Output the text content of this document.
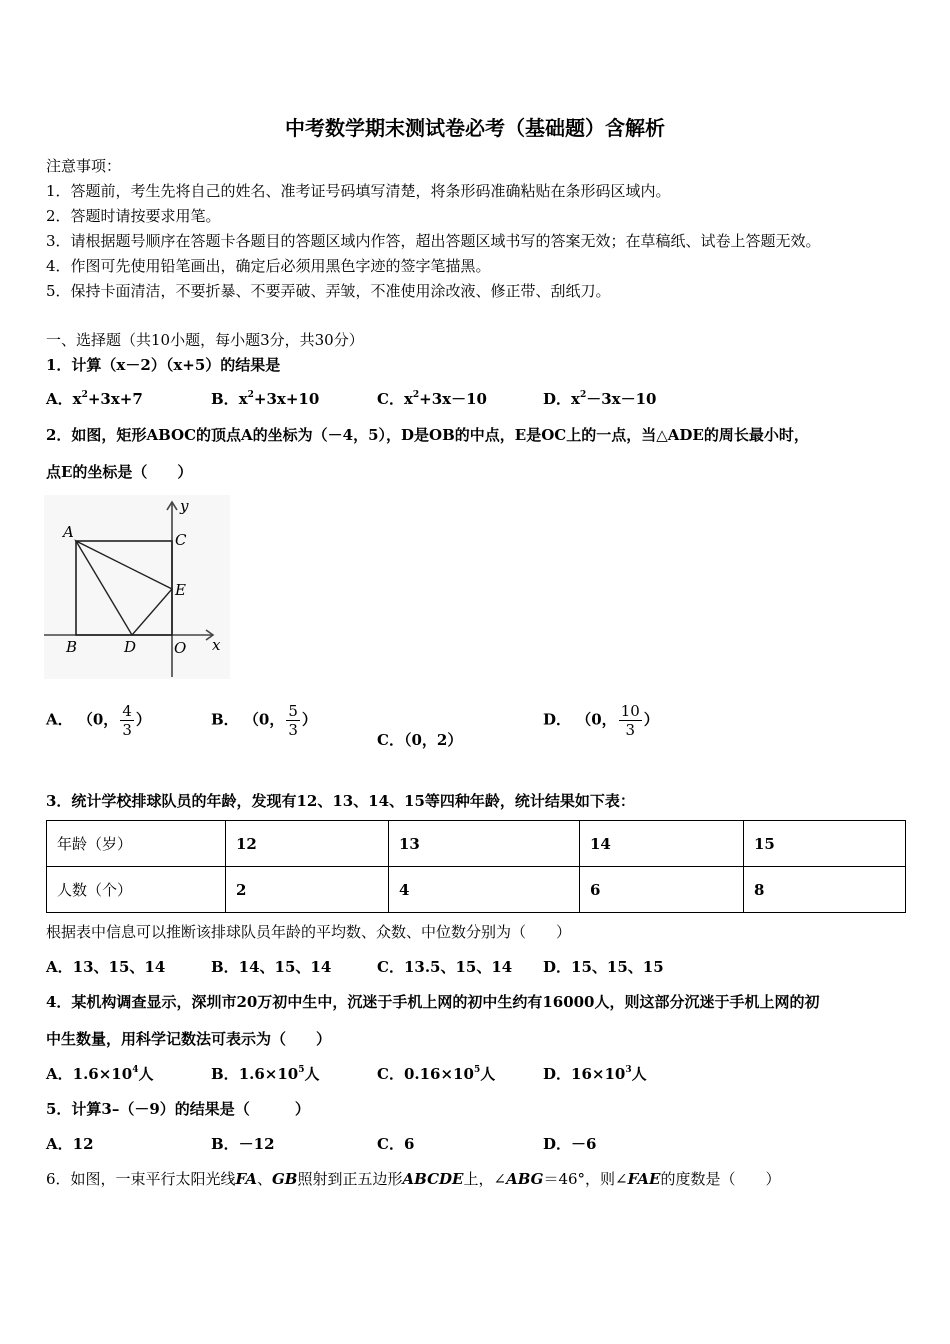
中考数学期末测试卷必考（基础题）含解析
注意事项：
1．答题前，考生先将自己的姓名、准考证号码填写清楚，将条形码准确粘贴在条形码区域内。
2．答题时请按要求用笔。
3．请根据题号顺序在答题卡各题目的答题区域内作答，超出答题区域书写的答案无效；在草稿纸、试卷上答题无效。
4．作图可先使用铅笔画出，确定后必须用黑色字迹的签字笔描黑。
5．保持卡面清洁，不要折暴、不要弄破、弄皱，不准使用涂改液、修正带、刮纸刀。
一、选择题（共10小题，每小题3分，共30分）
1．计算（x－2）（x+5）的结果是
A．$x^2+3x+7$	B．$x^2+3x+10$	C．$x^2+3x-10$	D．$x^2-3x-10$
2．如图，矩形ABOC的顶点A的坐标为（－4，5），D是OB的中点，E是OC上的一点，当△ADE的周长最小时，
点E的坐标是（　　）
A
B
C
D
E
O x
y
A． （0， $\frac{4}{3}$ ）	B． （0， $\frac{5}{3}$ ）
C．（0，2）
D． （0， $\frac{10}{3}$ ）
3．统计学校排球队员的年龄，发现有12、13、14、15等四种年龄，统计结果如下表：
年龄（岁）	12	13	14	15
人数（个）	2	4	6	8
根据表中信息可以推断该排球队员年龄的平均数、众数、中位数分别为（　　）
A．13、15、14	B．14、15、14	C．13.5、15、14 D．15、15、15
4．某机构调查显示，深圳市20万初中生中，沉迷于手机上网的初中生约有16000人，则这部分沉迷于手机上网的初
中生数量，用科学记数法可表示为（　　）
A．$1.6\times 10^4$人	B．$1.6\times 10^5$人	C．$0.16\times 10^5$人	D．$16\times 10^3$人
5．计算3–（－9）的结果是（　　　）
A．12	B．－12	C．6	D．－6
6．如图，一束平行太阳光线FA、GB照射到正五边形ABCDE上，∠ABG＝46°，则∠FAE的度数是（　　）
